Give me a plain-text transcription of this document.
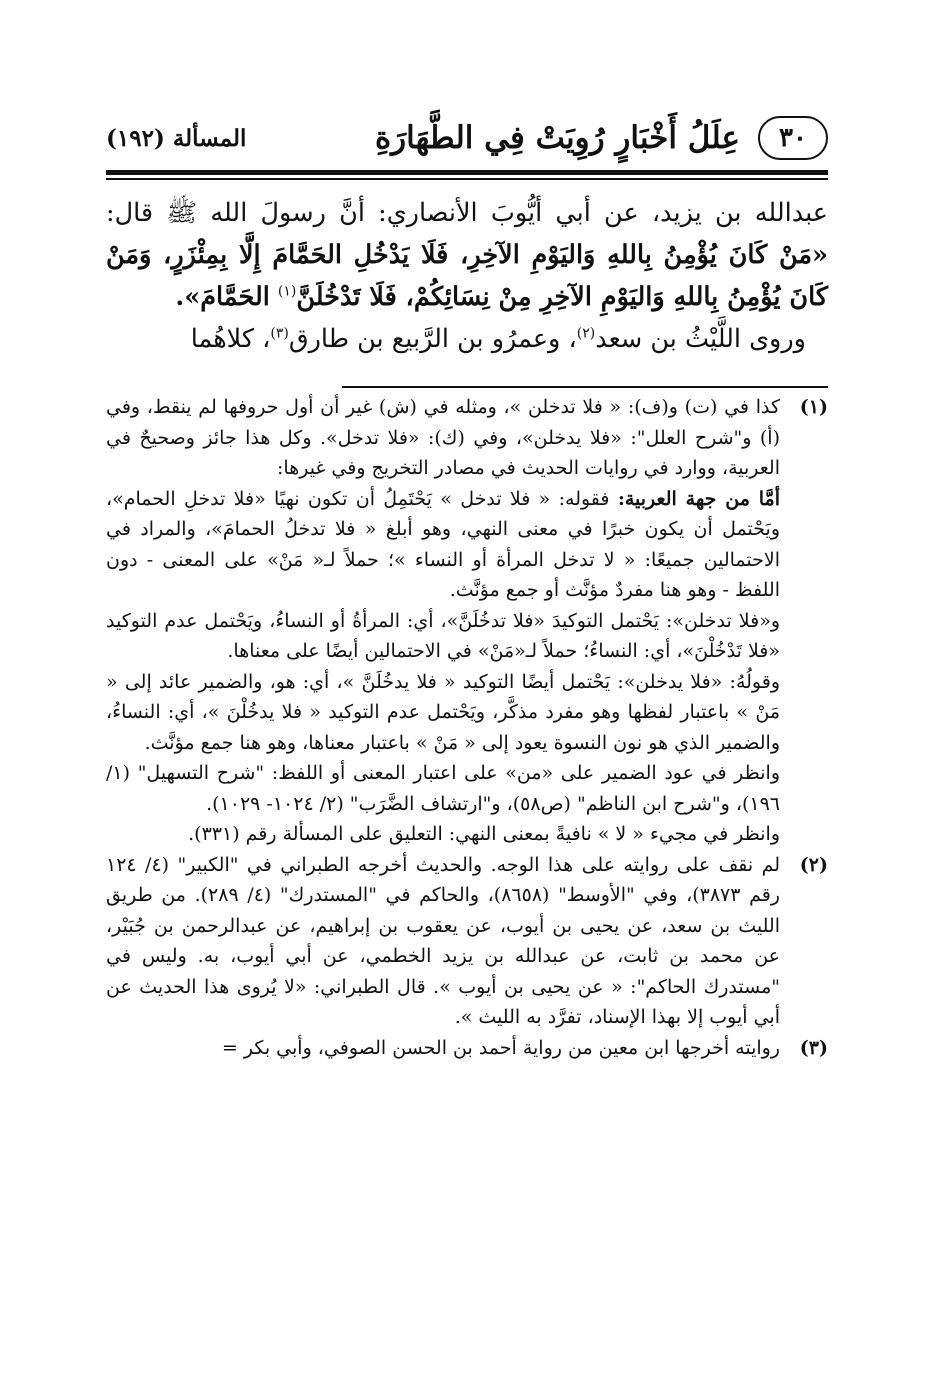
٣٠
عِلَلُ أَخْبَارٍ رُوِيَتْ فِي الطَّهَارَةِ
المسألة (١٩٢)

عبدالله بن يزيد، عن أبي أيُّوبَ الأنصاري: أنَّ رسولَ الله ﷺ قال: «مَنْ كَانَ يُؤْمِنُ بِاللهِ وَاليَوْمِ الآخِرِ، فَلَا يَدْخُلِ الحَمَّامَ إِلَّا بِمِئْزَرٍ، وَمَنْ كَانَ يُؤْمِنُ بِاللهِ وَاليَوْمِ الآخِرِ مِنْ نِسَائِكُمْ، فَلَا تَدْخُلَنَّ$^{(١)}$ الحَمَّامَ».

وروى اللَّيْثُ بن سعد$^{(٢)}$، وعمرُو بن الرَّبيع بن طارق$^{(٣)}$، كلاهُما

(١)

كذا في (ت) و(ف): « فلا تدخلن »، ومثله في (ش) غير أن أول حروفها لم ينقط، وفي (أ) و"شرح العلل": «فلا يدخلن»، وفي (ك): «فلا تدخل». وكل هذا جائز وصحيحٌ في العربية، ووارد في روايات الحديث في مصادر التخريج وفي غيرها:

أمَّا من جهة العربية: فقوله: « فلا تدخل » يَحْتَمِلُ أن تكون نهيًا «فلا تدخلِ الحمام»، ويَحْتمل أن يكون خبرًا في معنى النهي، وهو أبلغ « فلا تدخلُ الحمامَ»، والمراد في الاحتمالين جميعًا: « لا تدخل المرأة أو النساء »؛ حملاً لـ« مَنْ» على المعنى - دون اللفظ - وهو هنا مفردٌ مؤنَّث أو جمع مؤنَّث.

و«فلا تدخلن»: يَحْتمل التوكيدَ «فلا تدخُلَنَّ»، أي: المرأةُ أو النساءُ، ويَحْتمل عدم التوكيد «فلا تَدْخُلْنَ»، أي: النساءُ؛ حملاً لـ«مَنْ» في الاحتمالين أيضًا على معناها.

وقولُهُ: «فلا يدخلن»: يَحْتمل أيضًا التوكيد « فلا يدخُلَنَّ »، أي: هو، والضمير عائد إلى « مَنْ » باعتبار لفظها وهو مفرد مذكَّر، ويَحْتمل عدم التوكيد « فلا يدخُلْنَ »، أي: النساءُ، والضمير الذي هو نون النسوة يعود إلى « مَنْ » باعتبار معناها، وهو هنا جمع مؤنَّث.

وانظر في عود الضمير على «من» على اعتبار المعنى أو اللفظ: "شرح التسهيل" (١/ ١٩٦)، و"شرح ابن الناظم" (ص٥٨)، و"ارتشاف الضَّرَب" (٢/ ١٠٢٤- ١٠٢٩).

وانظر في مجيء « لا » نافيةً بمعنى النهي: التعليق على المسألة رقم (٣٣١).

(٢)

لم نقف على روايته على هذا الوجه. والحديث أخرجه الطبراني في "الكبير" (٤/ ١٢٤ رقم ٣٨٧٣)، وفي "الأوسط" (٨٦٥٨)، والحاكم في "المستدرك" (٤/ ٢٨٩). من طريق الليث بن سعد، عن يحيى بن أيوب، عن يعقوب بن إبراهيم، عن عبدالرحمن بن جُبَيْر، عن محمد بن ثابت، عن عبدالله بن يزيد الخطمي، عن أبي أيوب، به. وليس في "مستدرك الحاكم": « عن يحيى بن أيوب ». قال الطبراني: «لا يُروى هذا الحديث عن أبي أيوب إلا بهذا الإسناد، تفرَّد به الليث ».

(٣)

روايته أخرجها ابن معين من رواية أحمد بن الحسن الصوفي، وأبي بكر =
